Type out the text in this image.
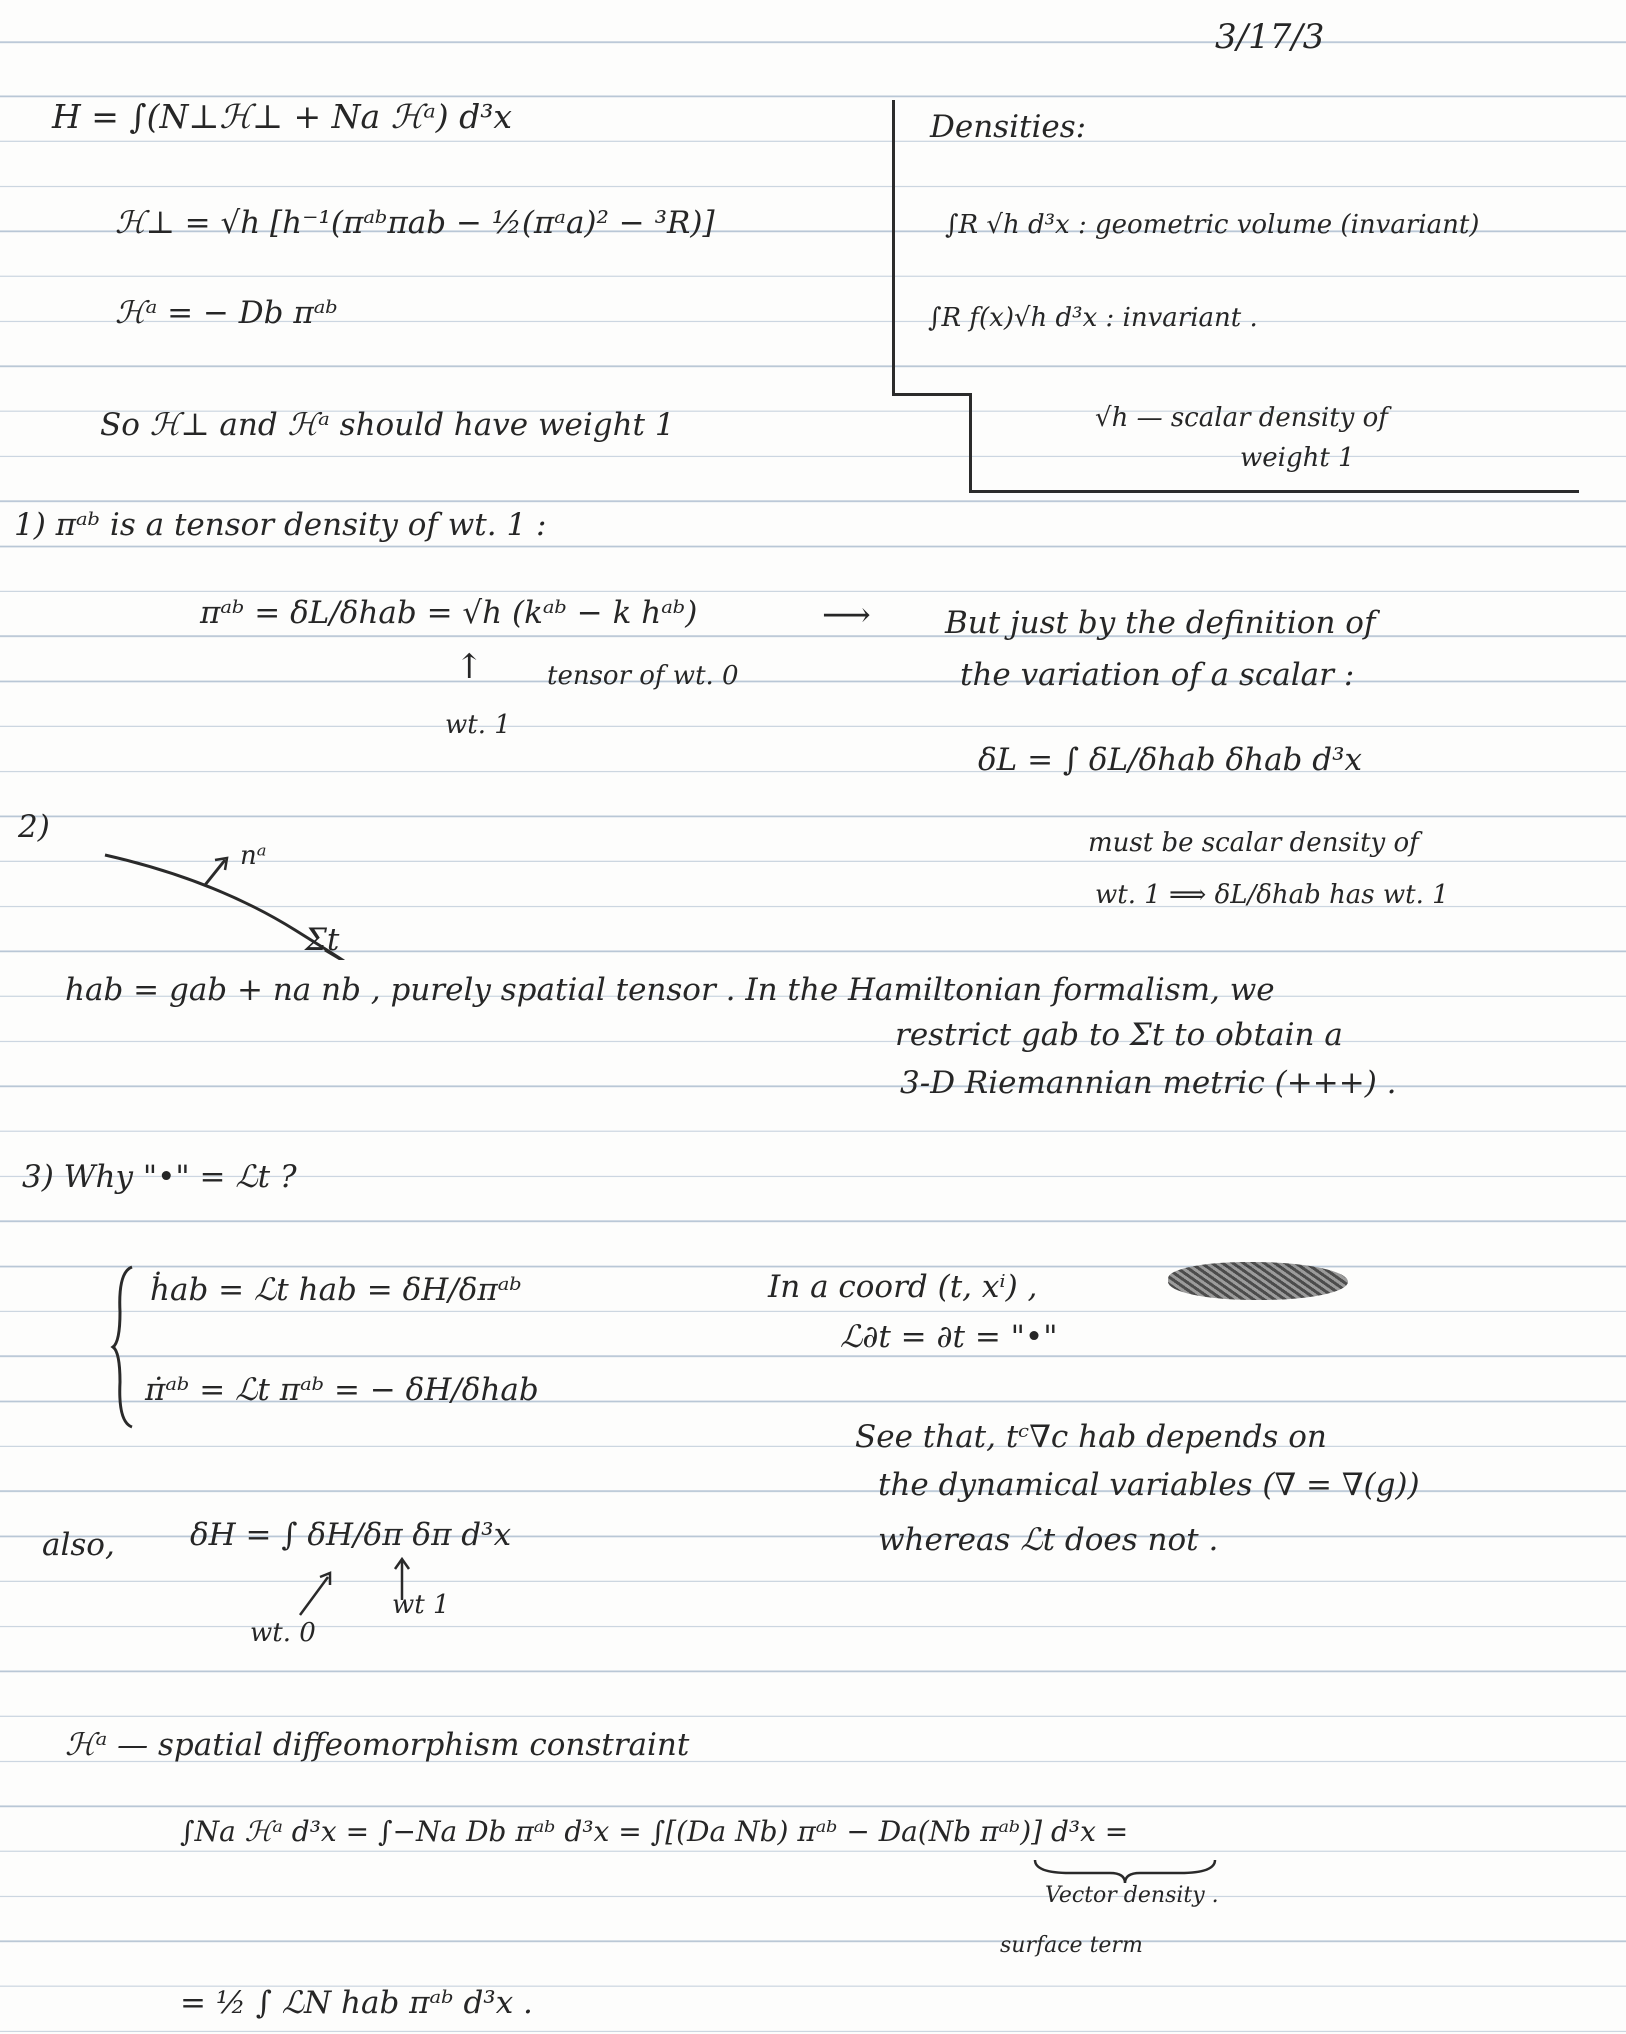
3/17/3
H = ∫(N⊥ℋ⊥ + Na ℋᵃ) d³x
ℋ⊥ = √h [h⁻¹(πᵃᵇπab − ½(πᵃa)² − ³R)]
ℋᵃ = − Db πᵃᵇ
So ℋ⊥ and ℋᵃ should have weight 1
Densities:
∫R √h d³x : geometric volume (invariant)
∫R f(x)√h d³x : invariant .
√h — scalar density of
weight 1
1) πᵃᵇ is a tensor density of wt. 1 :
πᵃᵇ = δL/δhab = √h (kᵃᵇ − k hᵃᵇ)	⟶
tensor of wt. 0
↑
wt. 1
But just by the definition of
the variation of a scalar :
δL = ∫ δL/δhab δhab d³x
must be scalar density of
wt. 1 ⟹ δL/δhab has wt. 1
2)
nᵃ
Σt
hab = gab + na nb , purely spatial tensor . In the Hamiltonian formalism, we
restrict gab to Σt to obtain a
3-D Riemannian metric (+++) .
3) Why "•" = ℒt ?
ḣab = ℒt hab = δH/δπᵃᵇ
π̇ᵃᵇ = ℒt πᵃᵇ = − δH/δhab
In a coord (t, xⁱ) ,
ℒ∂t = ∂t = "•"
See that, tᶜ∇c hab depends on
the dynamical variables (∇ = ∇(g))
whereas ℒt does not .
also, δH = ∫ δH/δπ δπ d³x
wt. 0
wt 1
ℋᵃ — spatial diffeomorphism constraint
∫Na ℋᵃ d³x = ∫−Na Db πᵃᵇ d³x = ∫[(Da Nb) πᵃᵇ − Da(Nb πᵃᵇ)] d³x =
Vector density .
surface term
= ½ ∫ ℒN hab πᵃᵇ d³x .
